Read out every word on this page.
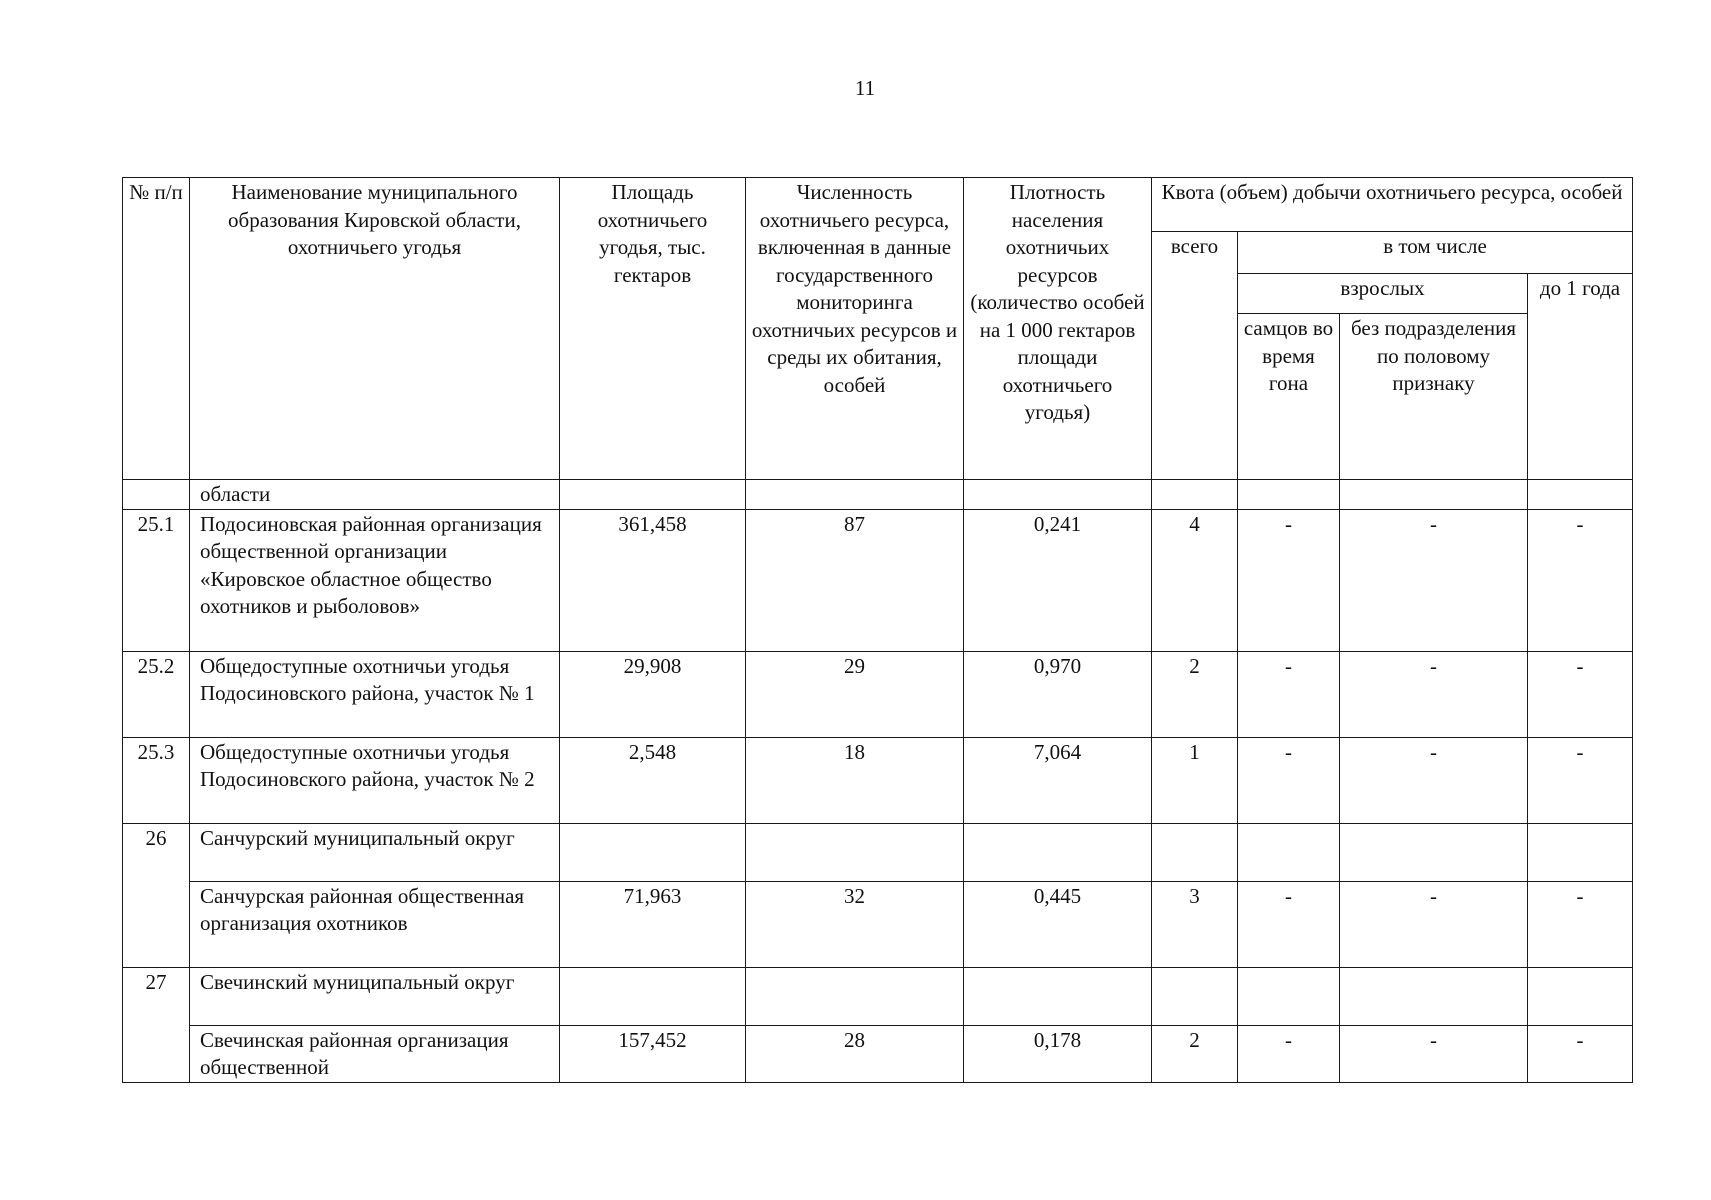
11
№ п/п	Наименование муниципального образования Кировской области, охотничьего угодья	Площадь охотничьего угодья, тыс. гектаров	Численность охотничьего ресурса, включенная в данные государственного мониторинга охотничьих ресурсов и среды их обитания, особей	Плотность населения охотничьих ресурсов (количество особей на 1 000 гектаров площади охотничьего угодья)	Квота (объем) добычи охотничьего ресурса, особей			
					всего	в том числе		
						взрослых		до 1 года
						самцов во время гона	без подразделения по половому признаку	
	области							
25.1	Подосиновская районная организация общественной организации «Кировское областное общество охотников и рыболовов»	361,458	87	0,241	4	-	-	-
25.2	Общедоступные охотничьи угодья Подосиновского района, участок № 1	29,908	29	0,970	2	-	-	-
25.3	Общедоступные охотничьи угодья Подосиновского района, участок № 2	2,548	18	7,064	1	-	-	-
26	Санчурский муниципальный округ							
	Санчурская районная общественная организация охотников	71,963	32	0,445	3	-	-	-
27	Свечинский муниципальный округ							
	Свечинская районная организация общественной	157,452	28	0,178	2	-	-	-
